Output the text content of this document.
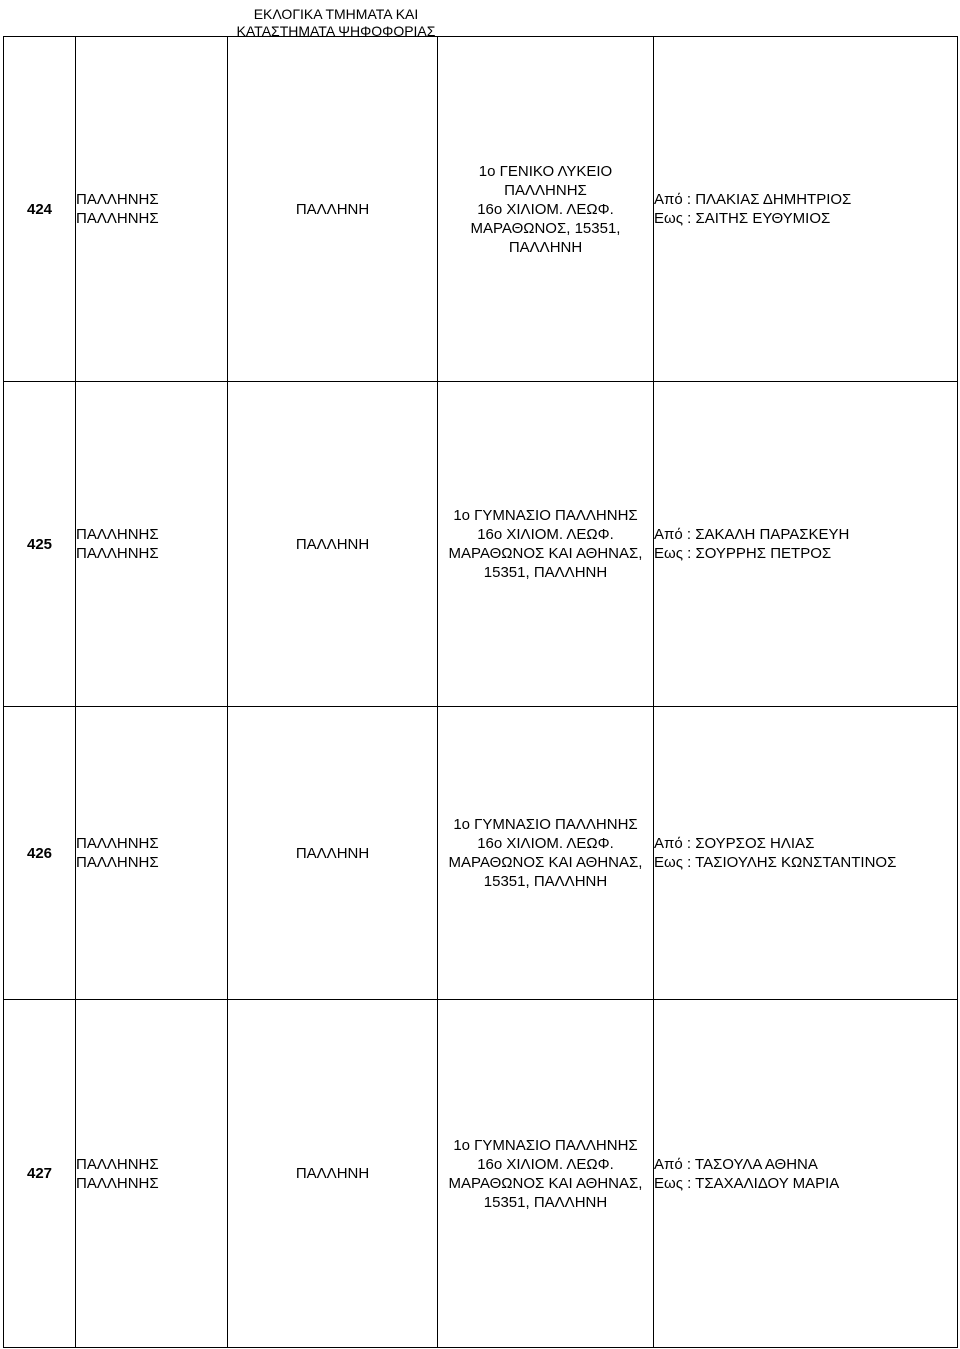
ΕΚΛΟΓΙΚΑ ΤΜΗΜΑΤΑ ΚΑΙ
ΚΑΤΑΣΤΗΜΑΤΑ ΨΗΦΟΦΟΡΙΑΣ
424	ΠΑΛΛΗΝΗΣ
ΠΑΛΛΗΝΗΣ	ΠΑΛΛΗΝΗ	1ο ΓΕΝΙΚΟ ΛΥΚΕΙΟ
ΠΑΛΛΗΝΗΣ
16ο ΧΙΛΙΟΜ. ΛΕΩΦ.
ΜΑΡΑΘΩΝΟΣ, 15351,
ΠΑΛΛΗΝΗ	Από : ΠΛΑΚΙΑΣ ΔΗΜΗΤΡΙΟΣ
Εως : ΣΑΙΤΗΣ ΕΥΘΥΜΙΟΣ

425	ΠΑΛΛΗΝΗΣ
ΠΑΛΛΗΝΗΣ	ΠΑΛΛΗΝΗ	1ο ΓΥΜΝΑΣΙΟ ΠΑΛΛΗΝΗΣ
16ο ΧΙΛΙΟΜ. ΛΕΩΦ.
ΜΑΡΑΘΩΝΟΣ ΚΑΙ ΑΘΗΝΑΣ,
15351, ΠΑΛΛΗΝΗ	Από : ΣΑΚΑΛΗ ΠΑΡΑΣΚΕΥΗ
Εως : ΣΟΥΡΡΗΣ ΠΕΤΡΟΣ

426	ΠΑΛΛΗΝΗΣ
ΠΑΛΛΗΝΗΣ	ΠΑΛΛΗΝΗ	1ο ΓΥΜΝΑΣΙΟ ΠΑΛΛΗΝΗΣ
16ο ΧΙΛΙΟΜ. ΛΕΩΦ.
ΜΑΡΑΘΩΝΟΣ ΚΑΙ ΑΘΗΝΑΣ,
15351, ΠΑΛΛΗΝΗ	Από : ΣΟΥΡΣΟΣ ΗΛΙΑΣ
Εως : ΤΑΣΙΟΥΛΗΣ ΚΩΝΣΤΑΝΤΙΝΟΣ

427	ΠΑΛΛΗΝΗΣ
ΠΑΛΛΗΝΗΣ	ΠΑΛΛΗΝΗ	1ο ΓΥΜΝΑΣΙΟ ΠΑΛΛΗΝΗΣ
16ο ΧΙΛΙΟΜ. ΛΕΩΦ.
ΜΑΡΑΘΩΝΟΣ ΚΑΙ ΑΘΗΝΑΣ,
15351, ΠΑΛΛΗΝΗ	Από : ΤΑΣΟΥΛΑ ΑΘΗΝΑ
Εως : ΤΣΑΧΑΛΙΔΟΥ ΜΑΡΙΑ
